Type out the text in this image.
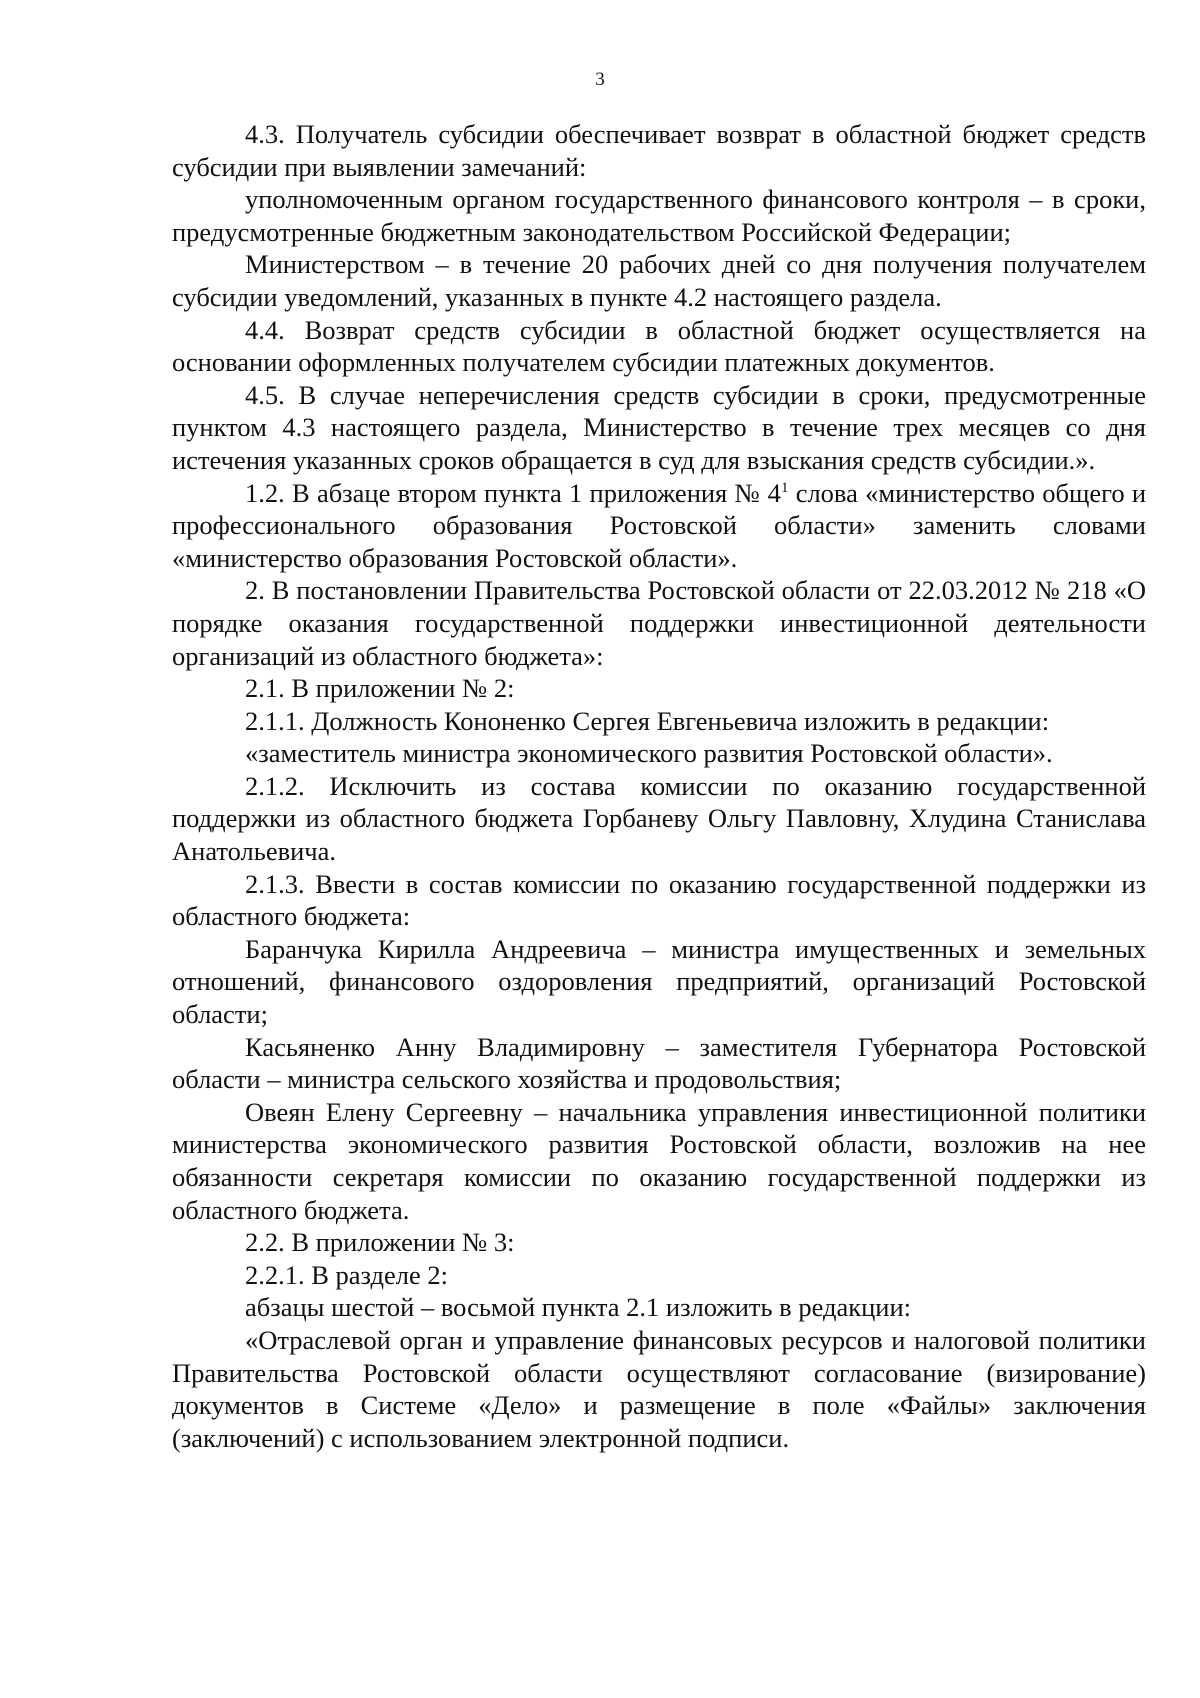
3

4.3. Получатель субсидии обеспечивает возврат в областной бюджет средств субсидии при выявлении замечаний:

уполномоченным органом государственного финансового контроля – в сроки, предусмотренные бюджетным законодательством Российской Федерации;

Министерством – в течение 20 рабочих дней со дня получения получателем субсидии уведомлений, указанных в пункте 4.2 настоящего раздела.

4.4. Возврат средств субсидии в областной бюджет осуществляется на основании оформленных получателем субсидии платежных документов.

4.5. В случае неперечисления средств субсидии в сроки, предусмотренные пунктом 4.3 настоящего раздела, Министерство в течение трех месяцев со дня истечения указанных сроков обращается в суд для взыскания средств субсидии.».

1.2. В абзаце втором пункта 1 приложения № $4^1$ слова «министерство общего и профессионального образования Ростовской области» заменить словами «министерство образования Ростовской области».

2. В постановлении Правительства Ростовской области от 22.03.2012 № 218 «О порядке оказания государственной поддержки инвестиционной деятельности организаций из областного бюджета»:

2.1. В приложении № 2:

2.1.1. Должность Кононенко Сергея Евгеньевича изложить в редакции:

«заместитель министра экономического развития Ростовской области».

2.1.2. Исключить из состава комиссии по оказанию государственной поддержки из областного бюджета Горбаневу Ольгу Павловну, Хлудина Станислава Анатольевича.

2.1.3. Ввести в состав комиссии по оказанию государственной поддержки из областного бюджета:

Баранчука Кирилла Андреевича – министра имущественных и земельных отношений, финансового оздоровления предприятий, организаций Ростовской области;

Касьяненко Анну Владимировну – заместителя Губернатора Ростовской области – министра сельского хозяйства и продовольствия;

Овеян Елену Сергеевну – начальника управления инвестиционной политики министерства экономического развития Ростовской области, возложив на нее обязанности секретаря комиссии по оказанию государственной поддержки из областного бюджета.

2.2. В приложении № 3:

2.2.1. В разделе 2:

абзацы шестой – восьмой пункта 2.1 изложить в редакции:

«Отраслевой орган и управление финансовых ресурсов и налоговой политики Правительства Ростовской области осуществляют согласование (визирование) документов в Системе «Дело» и размещение в поле «Файлы» заключения (заключений) с использованием электронной подписи.
